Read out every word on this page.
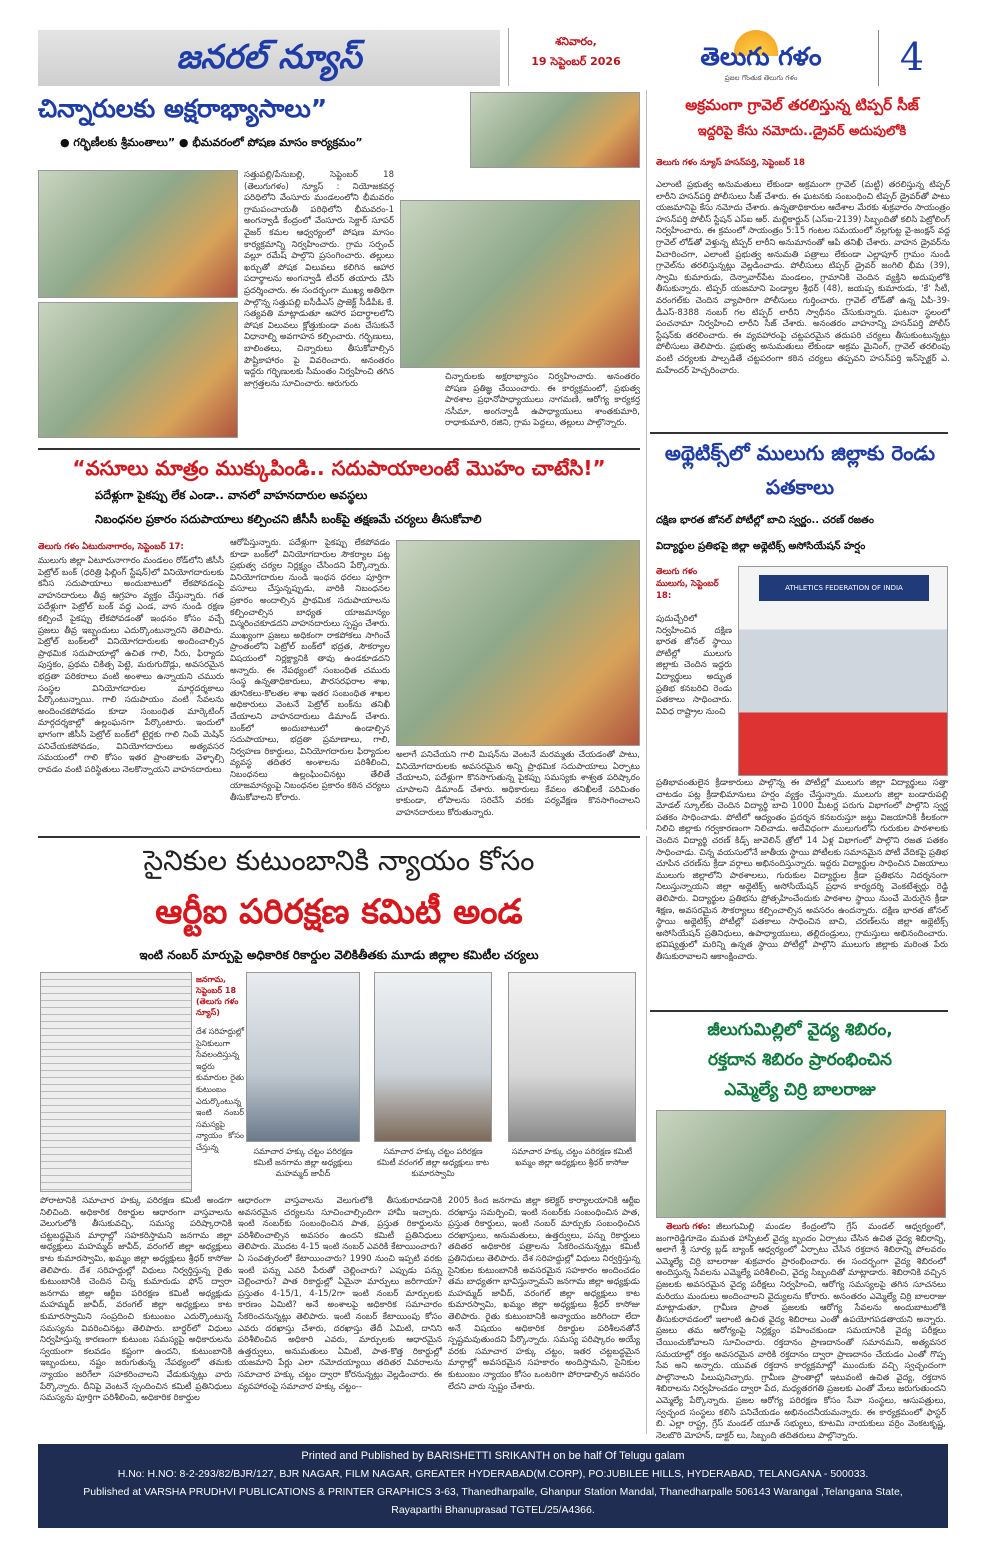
జనరల్ న్యూస్	శనివారం,
19 సెప్టెంబర్ 2026	తెలుగు గళం
ప్రజల గొంతుక తెలుగు గళం	4
చిన్నారులకు అక్షరాభ్యాసాలు”
● గర్భిణీలకు శ్రీమంతాలు” ● భీమవరంలో పోషణ మాసం కార్యక్రమం”
సత్తుపల్లి/పేనుబల్లి, సెప్టెంబర్ 18 (తెలుగుగళం) న్యూస్ : నియోజకవర్గ పరిధిలోని వేంసూరు మండలంలోని భీమవరం గ్రామపంచాయతీ పరిధిలోని భీమవరం-1 అంగన్వాడీ కేంద్రంలో వేంసూరు సెక్టార్ సూపర్ వైజర్ కమల ఆధ్వర్యంలో పోషణ మాసం కార్యక్రమాన్ని నిర్వహించారు. గ్రామ సర్పంచ్ వల్లూ రమేష్ పాల్గొని ప్రసంగించారు. తల్లులు ఖర్చుతో పోషక విలువలు కలిగిన ఆహార పదార్థాలను అంగన్వాడీ టీచర్ తయారు చేసి ప్రదర్శించారు. ఈ సందర్భంగా ముఖ్య అతిథిగా పాల్గొన్న సత్తుపల్లి ఐసీడీఎస్ ప్రాజెక్ట్ సీడీపీఓ కే. సత్యవతి మాట్లాడుతూ ఆహార పదార్థాలలోని పోషక విలువలు క్లోత్తుకుండా వంట చేసుకునే విధానాల్ని అవగాహన కల్పించారు. గర్భిణులు, బాలింతలు, చిన్నారులు తీసుకోవాల్సిన పౌష్టికాహారం పై వివరించారు. అనంతరం ఇద్దరు గర్భిణులకు సీమంతం నిర్వహించి తగిన జాగ్రత్తలను సూచించారు. ఆరుగురు
చిన్నారులకు అక్షరాభ్యాసం నిర్వహించారు. అనంతరం పోషణ ప్రతిజ్ఞ చేయించారు. ఈ కార్యక్రమంలో, ప్రభుత్వ పాఠశాల ప్రధానోపాధ్యాయులు నాగమణి, ఆరోగ్య కార్యకర్త నసీమా, అంగన్వాడీ ఉపాధ్యాయులు శాంతకుమారి, రాధాకుమారి, రజిని, గ్రామ పెద్దలు, తల్లులు పాల్గొన్నారు.
అక్రమంగా గ్రావెల్ తరలిస్తున్న టిప్పర్ సీజ్
ఇద్దరిపై కేసు నమోదు..డ్రైవర్ అదుపులోకి
తెలుగు గళం న్యూస్ హసన్‌పర్తి, సెప్టెంబర్ 18
ఎలాంటి ప్రభుత్వ అనుమతులు లేకుండా అక్రమంగా గ్రావెల్ (మట్టి) తరలిస్తున్న టిప్పర్ లారీని హసన్‌పర్తి పోలీసులు సీజ్ చేశారు. ఈ ఘటనకు సంబంధించి టిప్పర్ డ్రైవర్‌తో పాటు యజమానిపై కేసు నమోదు చేశారు. ఉన్నతాధికారుల ఆదేశాల మేరకు శుక్రవారం సాయంత్రం హసన్‌పర్తి పోలీస్ స్టేషన్ ఎస్ఐ ఆర్. మల్లికార్జున్ (ఎస్ఐ-2139) సిబ్బందితో కలిసి పెట్రోలింగ్ నిర్వహించారు. ఈ క్రమంలో సాయంత్రం 5:15 గంటల సమయంలో నల్లగుట్ట వై-జంక్షన్ వద్ద గ్రావెల్ లోడ్‌తో వెళ్తున్న టిప్పర్ లారీని అనుమానంతో ఆపి తనిఖీ చేశారు. వాహన డ్రైవర్‌ను విచారించగా, ఎలాంటి ప్రభుత్వ అనుమతి పత్రాలు లేకుండా ఎల్లాపూర్ గ్రామం నుండి గ్రావెల్‌ను తరలిస్తున్నట్లు వెల్లడించాడు. పోలీసులు టిప్పర్ డ్రైవర్ జంగిలి భీమ (39), స్వామి కుమారుడు, దెన్నావార్‌పేట మండలం, గ్రామానికి చెందిన వ్యక్తిని అదుపులోకి తీసుకున్నారు. టిప్పర్ యజమాని పెండ్యాల శ్రీధర్ (48), జయప్ప కుమారుడు, 'కే' సీటీ, వరంగల్‌కు చెందిన వ్యాపారిగా పోలీసులు గుర్తించారు. గ్రావెల్ లోడ్‌తో ఉన్న ఏపీ-39-డీఎస్-8388 నంబర్ గల టిప్పర్ లారీని స్వాధీనం చేసుకున్నారు. ఘటనా స్థలంలో పంచనామా నిర్వహించి లారీని సీజ్ చేశారు. అనంతరం వాహనాన్ని హసన్‌పర్తి పోలీస్ స్టేషన్‌కు తరలించారు. ఈ వ్యవహారంపై చట్టపరమైన తదుపరి చర్యలు తీసుకుంటున్నట్లు పోలీసులు తెలిపారు. ప్రభుత్వ అనుమతులు లేకుండా అక్రమ మైనింగ్, గ్రావెల్ తరలింపు వంటి చర్యలకు పాల్పడితే చట్టపరంగా కఠిన చర్యలు తప్పవని హసన్‌పర్తి ఇన్‌స్పెక్టర్ ఎ. మహేందర్ హెచ్చరించారు.
“వసూలు మాత్రం ముక్కుపిండి.. సదుపాయాలంటే మొహం చాటేసి!”
పదేళ్లుగా పైకప్పు లేక ఎండా.. వానలో వాహనదారుల అవస్థలు
నిబంధనల ప్రకారం సదుపాయాలు కల్పించని జీసీసీ బంక్‌పై తక్షణమే చర్యలు తీసుకోవాలి
తెలుగు గళం ఏటురునాగారం, సెప్టెంబర్ 17:
ములుగు జిల్లా ఏటూరునాగారం మండలం రోడ్‌లోని జీసీసీ పెట్రోల్ బంక్ (ధరిత్రి ఫిల్లింగ్ స్టేషన్)లో వినియోగదారులకు కనీస సదుపాయాలు అందుబాటులో లేకపోవడంపై వాహనదారులు తీవ్ర ఆగ్రహం వ్యక్తం చేస్తున్నారు. గత పదేళ్లుగా పెట్రోల్ బంక్ వద్ద ఎండ, వాన నుండి రక్షణ కల్పించే పైకప్పు లేకపోవడంతో ఇంధనం కోసం వచ్చే ప్రజలు తీవ్ర ఇబ్బందులు ఎదుర్కొంటున్నారని తెలిపారు. పెట్రోల్ బంక్‌లలో వినియోగదారులకు అందించాల్సిన ప్రాథమిక సదుపాయాల్లో ఉచిత గాలి, నీరు, ఫిర్యాదు పుస్తకం, ప్రథమ చికిత్స పెట్టె, మరుగుదొడ్లు, అవసరమైన భద్రతా పరికరాలు వంటి అంశాలు ఉన్నాయని చమురు సంస్థల వినియోగదారుల మార్గదర్శకాలు పేర్కొంటున్నాయి. గాలి సదుపాయం వంటి సేవలను అందించకపోవడం కూడా సంబంధిత మార్కెటింగ్ మార్గదర్శకాల్లో ఉల్లంఘనగా పేర్కొంటారు. ఇందులో భాగంగా జీసీసీ పెట్రోల్ బంక్‌లో టైర్లకు గాలి నింపే మెషిన్ పనిచేయకపోవడం, వినియోగదారులు అత్యవసర సమయంలో గాలి కోసం ఇతర ప్రాంతాలకు వెళ్ళాల్సి రావడం వంటి పరిస్థితులు నెలకొన్నాయని వాహనదారులు
ఆరోపిస్తున్నారు. పదేళ్లుగా పైకప్పు లేకపోవడం కూడా బంక్‌లో వినియోగదారుల సౌకర్యాల పట్ల ప్రభుత్వ చర్యల నిర్లక్ష్యం చేసిందని పేర్కొన్నారు. వినియోగదారుల నుండి ఇంధన ధరలు పూర్తిగా వసూలు చేస్తున్నప్పుడు, వారికి నిబంధనల ప్రకారం అందాల్సిన ప్రాథమిక సదుపాయాలను కల్పించాల్సిన బాధ్యత యాజమాన్యం విస్మరించకూడదని వాహనదారులు స్పష్టం చేశారు. ముఖ్యంగా ప్రజలు అధికంగా రాకపోకలు సాగించే ప్రాంతంలోని పెట్రోల్ బంక్‌లో భద్రత, సౌకర్యాల విషయంలో నిర్లక్ష్యానికి తావు ఉండకూడదని అన్నారు. ఈ నేపథ్యంలో సంబంధిత చమురు సంస్థ ఉన్నతాధికారులు, పౌరసరఫరాల శాఖ, తూనికలు-కొలతల శాఖ ఇతర సంబంధిత శాఖల అధికారులు వెంటనే పెట్రోల్ బంక్‌ను తనిఖీ చేయాలని వాహనదారులు డిమాండ్ చేశారు. బంక్‌లో అందుబాటులో ఉండాల్సిన సదుపాయాలు, భద్రతా ప్రమాణాలు, గాలి, నిర్వహణ రికార్డులు, వినియోగదారుల ఫిర్యాదుల వ్యవస్థ తదితర అంశాలను పరిశీలించి, నిబంధనలు ఉల్లంఘించినట్లు తేలితే యాజమాన్యంపై నిబంధనల ప్రకారం కఠిన చర్యలు తీసుకోవాలని కోరారు.
అలాగే పనిచేయని గాలి మిషన్‌ను వెంటనే మరమ్మతు చేయడంతో పాటు, వినియోగదారులకు అవసరమైన అన్ని ప్రాథమిక సదుపాయాలు ఏర్పాటు చేయాలని, పదేళ్లుగా కొనసాగుతున్న పైకప్పు సమస్యకు శాశ్వత పరిష్కారం చూపాలని డిమాండ్ చేశారు. అధికారులు కేవలం తనిఖీలకే పరిమితం కాకుండా, లోపాలను సరిచేసే వరకు పర్యవేక్షణ కొనసాగించాలని వాహనదారులు కోరుతున్నారు.
అథ్లెటిక్స్‌లో ములుగు జిల్లాకు రెండు పతకాలు
దక్షిణ భారత జోనల్ పోటీల్లో బాచి స్వర్ణం.. చరణ్ రజతం
విద్యార్థుల ప్రతిభపై జిల్లా అథ్లెటిక్స్ అసోసియేషన్ హర్షం
తెలుగు గళం ములుగు, సెప్టెంబర్ 18:
పుదుచ్చేరిలో నిర్వహించిన దక్షిణ భారత జోనల్ స్థాయి పోటీల్లో ములుగు జిల్లాకు చెందిన ఇద్దరు విద్యార్థులు అద్భుత ప్రతిభ కనబరిచి రెండు పతకాలు సాధించారు. వివిధ రాష్ట్రాల నుంచి
ATHLETICS FEDERATION OF INDIA
ప్రతిభావంతులైన క్రీడాకారులు పాల్గొన్న ఈ పోటీల్లో ములుగు జిల్లా విద్యార్థులు సత్తా చాటడం పట్ల క్రీడాభిమానులు హర్షం వ్యక్తం చేస్తున్నారు. ములుగు జిల్లా బండారుపల్లి మోడల్ స్కూల్‌కు చెందిన విద్యార్థి బాచి 1000 మీటర్ల పరుగు విభాగంలో పాల్గొని స్వర్ణ పతకం సాధించాడు. పోటీలో ఆద్యంతం ప్రదర్శన కనబరుస్తూ జట్టు విజయానికి కీలకంగా నిలిచి జిల్లాకు గర్వకారణంగా నిలిచాడు. అదేవిధంగా ములుగులోని గురుకుల పాఠశాలకు చెందిన విద్యార్థి చరణ్ కిడ్స్ జావెలిన్ త్రోలో 14 ఏళ్ల విభాగంలో పాల్గొని రజత పతకం సాధించాడు. చిన్న వయసులోనే జాతీయ స్థాయి పోటీలకు సమానమైన పోటీ వేదికపై ప్రతిభ చూపిన చరణ్‌ను క్రీడా వర్గాలు అభినందిస్తున్నారు. ఇద్దరు విద్యార్థుల సాధించిన విజయాలు ములుగు జిల్లాలోని పాఠశాలలు, గురుకుల విద్యార్థుల క్రీడా ప్రతిభను నిదర్శనంగా నిలుస్తున్నాయని జిల్లా అథ్లెటిక్స్ అసోసియేషన్ ప్రధాన కార్యదర్శి వెంకటేశ్వర్లు రెడ్డి తెలిపారు. విద్యార్థుల ప్రతిభను ప్రోత్సహించేందుకు పాఠశాల స్థాయి నుంచే మెరుగైన క్రీడా శిక్షణ, అవసరమైన సౌకర్యాలు కల్పించాల్సిన అవసరం ఉందన్నారు. దక్షిణ భారత జోనల్ స్థాయి అథ్లెటిక్స్ పోటీల్లో పతకాలు సాధించిన బాచి, చరణ్‌లను జిల్లా అథ్లెటిక్స్ అసోసియేషన్ ప్రతినిధులు, ఉపాధ్యాయులు, తల్లిదండ్రులు, గ్రామస్తులు అభినందించారు. భవిష్యత్తులో మరిన్ని ఉన్నత స్థాయి పోటీల్లో పాల్గొని ములుగు జిల్లాకు మరింత పేరు తీసుకురావాలని ఆకాంక్షించారు.
సైనికుల కుటుంబానికి న్యాయం కోసం
ఆర్టీఐ పరిరక్షణ కమిటీ అండ
ఇంటి నంబర్ మార్పుపై అధికారిక రికార్డుల వెలికితీతకు మూడు జిల్లాల కమిటీల చర్యలు
జనగామ, సెప్టెంబర్ 18 (తెలుగు గళం న్యూస్)
దేశ సరిహద్దుల్లో సైనికులుగా సేవలందిస్తున్న ఇద్దరు కుమారుల రైతు కుటుంబం ఎదుర్కొంటున్న ఇంటి నంబర్ సమస్యపై న్యాయం కోసం చేస్తున్న	సమాచార హక్కు చట్టం పరిరక్షణ కమిటీ జనగామ జిల్లా అధ్యక్షులు మహమ్మద్ జావీద్
సమాచార హక్కు చట్టం పరిరక్షణ కమిటీ వరంగల్ జిల్లా అధ్యక్షులు కాట కుమారస్వామి
సమాచార హక్కు చట్టం పరిరక్షణ కమిటీ ఖమ్మం జిల్లా అధ్యక్షులు శ్రీధర్ కాసోజు
పోరాటానికి సమాచార హక్కు పరిరక్షణ కమిటీ అండగా నిలిచింది. అధికారిక రికార్డుల ఆధారంగా వాస్తవాలను వెలుగులోకి తీసుకువచ్చి, సమస్య పరిష్కారానికి చట్టబద్ధమైన మార్గాల్లో సహకరిస్తామని జనగామ జిల్లా అధ్యక్షులు మహమ్మద్ జావీద్, వరంగల్ జిల్లా అధ్యక్షులు కాట కుమారస్వామి, ఖమ్మం జిల్లా అధ్యక్షులు శ్రీధర్ కాసోజు తెలిపారు. దేశ సరిహద్దుల్లో విధులు నిర్వర్తిస్తున్న రైతు కుటుంబానికి చెందిన చిన్న కుమారుడు ఫోన్ ద్వారా జనగామ జిల్లా ఆర్టీఐ పరిరక్షణ కమిటీ అధ్యక్షుడు మహమ్మద్ జావీద్, వరంగల్ జిల్లా అధ్యక్షులు కాట కుమారస్వామిని సంప్రదించి కుటుంబం ఎదుర్కొంటున్న సమస్యను వివరించినట్లు తెలిపారు. బార్డర్‌లో విధులు నిర్వహిస్తున్న కారణంగా కుటుంబ సమస్యపై అధికారులను స్వయంగా కలవడం కష్టంగా ఉందని, కుటుంబానికి ఇబ్బందులు, నష్టం జరుగుతున్న నేపథ్యంలో తమకు న్యాయం జరిగేలా సహకరించాలని వేడుకున్నట్లు వారు పేర్కొన్నారు. దీనిపై వెంటనే స్పందించిన కమిటీ ప్రతినిధులు సమస్యను పూర్తిగా పరిశీలించి, అధికారిక రికార్డుల
ఆధారంగా వాస్తవాలను వెలుగులోకి తీసుకురావడానికి అవసరమైన చర్యలను సూచించాల్సిందిగా హామీ ఇచ్చారు. ఇంటి నంబర్‌కు సంబంధించిన పాత, ప్రస్తుత రికార్డులను పరిశీలించాల్సిన అవసరం ఉందని కమిటీ ప్రతినిధులు తెలిపారు. మొదట 4-15 ఇంటి నంబర్ ఎవరికి కేటాయించారు? ఏ సంవత్సరంలో కేటాయించారు? 1990 నుంచి ఇప్పటి వరకు ఇంటి పన్ను ఎవరి పేరుతో చెల్లించారు? ఎప్పుడు పన్ను చెల్లించారు? పాత రికార్డుల్లో ఏమైనా మార్పులు జరిగాయా? ప్రస్తుతం 4-15/1, 4-15/2గా ఇంటి నంబర్ మార్పులకు కారణం ఏమిటి? అనే అంశాలపై అధికారిక సమాచారం సేకరించనున్నట్లు తెలిపారు. ఇంటి నంబర్ కేటాయింపు కోసం ఎవరు దరఖాస్తు చేశారు, దరఖాస్తు తేదీ ఏమిటి, దానిని పరిశీలించిన అధికారి ఎవరు, మార్పులకు ఆధారమైన ఉత్తర్వులు, అనుమతులు ఏమిటి, పాత-కొత్త రికార్డుల్లో యజమాని పేర్లు ఎలా నమోదయ్యాయి తదితర వివరాలను సమాచార హక్కు చట్టం ద్వారా కోరనున్నట్లు వెల్లడించారు. ఈ వ్యవహారంపై సమాచార హక్కు చట్టం--
2005 కింద జనగామ జిల్లా కలెక్టర్ కార్యాలయానికి ఆర్టీఐ దరఖాస్తు సమర్పించి, ఇంటి నంబర్‌కు సంబంధించిన పాత, ప్రస్తుత రికార్డులు, ఇంటి నంబర్ మార్పుకు సంబంధించిన దరఖాస్తులు, అనుమతులు, ఉత్తర్వులు, పన్ను రికార్డులు తదితర అధికారిక పత్రాలను సేకరించనున్నట్లు కమిటీ ప్రతినిధులు తెలిపారు. దేశ సరిహద్దుల్లో విధులు నిర్వర్తిస్తున్న సైనికుల కుటుంబానికి అవసరమైన సహకారం అందించడం తమ బాధ్యతగా భావిస్తున్నామని జనగామ జిల్లా అధ్యక్షుడు మహమ్మద్ జావీద్, వరంగల్ జిల్లా అధ్యక్షులు కాట కుమారస్వామి, ఖమ్మం జిల్లా అధ్యక్షులు శ్రీధర్ కాసోజు తెలిపారు. రైతు కుటుంబానికి అన్యాయం జరిగిందా లేదా అనే విషయం అధికారిక రికార్డుల పరిశీలనతోనే స్పష్టమవుతుందని పేర్కొన్నారు. సమస్య పరిష్కారం అయ్యే వరకు సమాచార హక్కు చట్టం, ఇతర చట్టబద్ధమైన మార్గాల్లో అవసరమైన సహకారం అందిస్తామని, సైనికుల కుటుంబం న్యాయం కోసం ఒంటరిగా పోరాడాల్సిన అవసరం లేదని వారు స్పష్టం చేశారు.
జీలుగుమిల్లిలో వైద్య శిబిరం,
రక్తదాన శిబిరం ప్రారంభించిన
ఎమ్మెల్యే చిర్రి బాలరాజు
తెలుగు గళం: జీలుగుమిల్లి మండల కేంద్రంలోని గ్రేస్ మండల్ ఆధ్వర్యంలో, జంగారెడ్డిగూడెం మమత హాస్పిటల్ వైద్య బృందం ఏర్పాటు చేసిన ఉచిత వైద్య శిబిరాన్ని, అలాగే శ్రీ సూర్య బ్లడ్ బ్యాంక్ ఆధ్వర్యంలో ఏర్పాటు చేసిన రక్తదాన శిబిరాన్ని పోలవరం ఎమ్మెల్యే చిర్రి బాలరాజు శుక్రవారం ప్రారంభించారు. ఈ సందర్భంగా వైద్య శిబిరంలో అందిస్తున్న సేవలను ఎమ్మెల్యే పరిశీలించి, వైద్య సిబ్బందితో మాట్లాడారు. శిబిరానికి వచ్చిన ప్రజలకు అవసరమైన వైద్య పరీక్షలు నిర్వహించి, ఆరోగ్య సమస్యలపై తగిన సూచనలు మరియు మందులు అందించాలని వైద్యులను కోరారు. అనంతరం ఎమ్మెల్యే చిర్రి బాలరాజు మాట్లాడుతూ, గ్రామీణ ప్రాంత ప్రజలకు ఆరోగ్య సేవలను అందుబాటులోకి తీసుకురావడంలో ఇలాంటి ఉచిత వైద్య శిబిరాలు ఎంతో ఉపయోగపడతాయని అన్నారు. ప్రజలు తమ ఆరోగ్యంపై నిర్లక్ష్యం వహించకుండా సమయానికి వైద్య పరీక్షలు చేయించుకోవాలని సూచించారు. రక్తదానం ప్రాణదానంతో సమానమని, అత్యవసర సమయాల్లో రక్తం అవసరమైన వారికి రక్తదానం ద్వారా ప్రాణదానం చేయడం ఎంతో గొప్ప సేవ అని అన్నారు. యువత రక్తదాన కార్యక్రమాల్లో ముందుకు వచ్చి స్వచ్ఛందంగా పాల్గొనాలని పిలుపునిచ్చారు. గ్రామీణ ప్రాంతాల్లో ఇటువంటి ఉచిత వైద్య, రక్తదాన శిబిరాలను నిర్వహించడం ద్వారా పేద, మధ్యతరగతి ప్రజలకు ఎంతో మేలు జరుగుతుందని ఎమ్మెల్యే పేర్కొన్నారు. ప్రజల ఆరోగ్య పరిరక్షణ కోసం సేవా సంస్థలు, ఆసుపత్రులు, స్వచ్ఛంద సంస్థలు కలిసి పనిచేయడం అభినందనీయమన్నారు. ఈ కార్యక్రమంలో ఫాస్టర్ బి. ఎల్లా రాష్ట్ర, గ్రేస్ మండల్ యూత్ సభ్యులు, కూటమి నాయకులు వర్రిం వెంకటకృష్ణ, నెలబొరి మోహన్, డాక్టర్ లు, సిబ్బంది తదితరులు పాల్గొన్నారు.
Printed and Published by BARISHETTI SRIKANTH on be half Of Telugu galam
H.No: H.NO: 8-2-293/82/BJR/127, BJR NAGAR, FILM NAGAR, GREATER HYDERABAD(M.CORP), PO:JUBILEE HILLS, HYDERABAD, TELANGANA - 500033.
Published at VARSHA PRUDHVI PUBLICATIONS & PRINTER GRAPHICS 3-63, Thanedharpalle, Ghanpur Station Mandal, Thanedharpalle 506143 Warangal ,Telangana State,
Rayaparthi Bhanuprasad TGTEL/25/A4366.
